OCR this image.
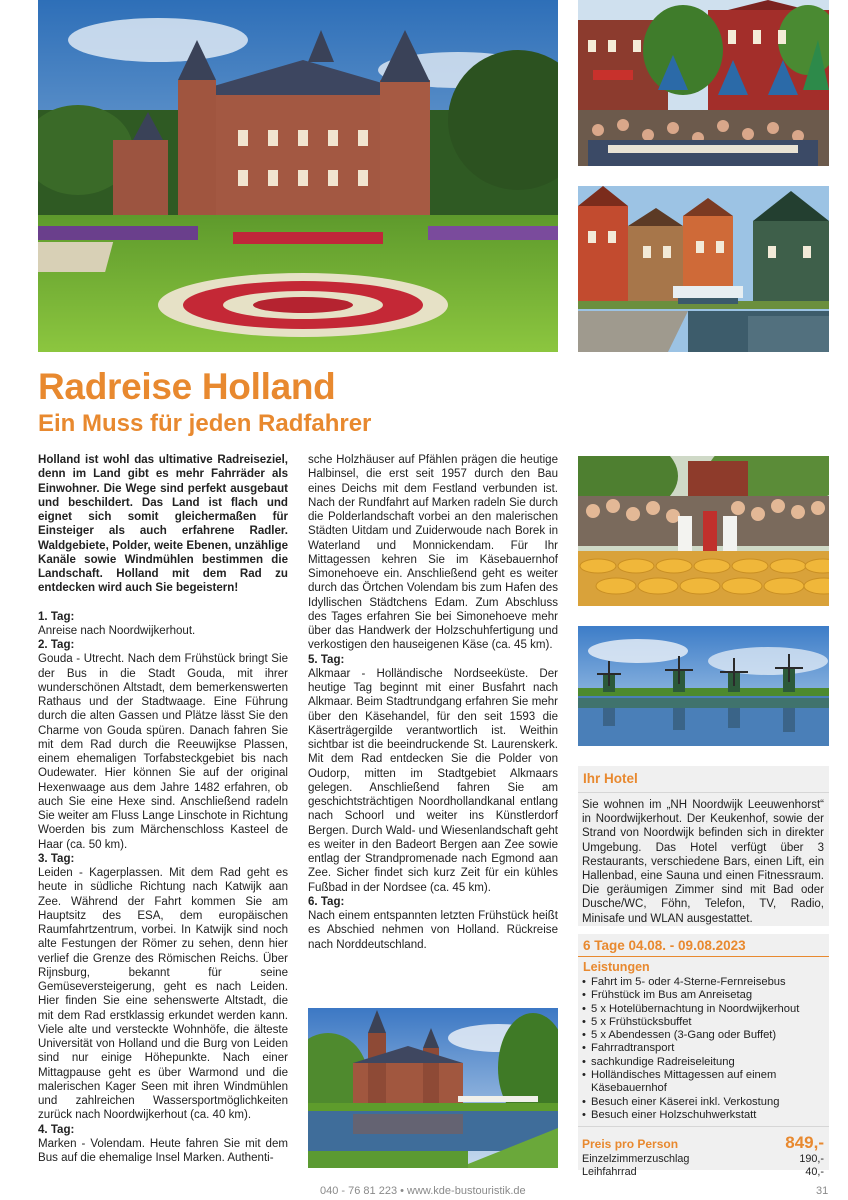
Radreise Holland
Ein Muss für jeden Radfahrer

Holland ist wohl das ultimative Radreiseziel, denn im Land gibt es mehr Fahrräder als Einwohner. Die Wege sind perfekt ausgebaut und beschildert. Das Land ist flach und eignet sich somit gleichermaßen für Einsteiger als auch erfahrene Radler. Waldgebiete, Polder, weite Ebenen, unzählige Kanäle sowie Windmühlen bestimmen die Landschaft. Holland mit dem Rad zu entdecken wird auch Sie begeistern!

1. Tag:

Anreise nach Noordwijkerhout.

2. Tag:

Gouda - Utrecht. Nach dem Frühstück bringt Sie der Bus in die Stadt Gouda, mit ihrer wunderschönen Altstadt, dem bemerkenswerten Rathaus und der Stadtwaage. Eine Führung durch die alten Gassen und Plätze lässt Sie den Charme von Gouda spüren. Danach fahren Sie mit dem Rad durch die Reeuwijkse Plassen, einem ehemaligen Torfabsteckgebiet bis nach Oudewater. Hier können Sie auf der original Hexenwaage aus dem Jahre 1482 erfahren, ob auch Sie eine Hexe sind. Anschließend radeln Sie weiter am Fluss Lange Linschote in Richtung Woerden bis zum Märchenschloss Kasteel de Haar (ca. 50 km).

3. Tag:

Leiden - Kagerplassen. Mit dem Rad geht es heute in südliche Richtung nach Katwijk aan Zee. Während der Fahrt kommen Sie am Hauptsitz des ESA, dem europäischen Raumfahrtzentrum, vorbei. In Katwijk sind noch alte Festungen der Römer zu sehen, denn hier verlief die Grenze des Römischen Reichs. Über Rijnsburg, bekannt für seine Gemüseversteigerung, geht es nach Leiden. Hier finden Sie eine sehenswerte Altstadt, die mit dem Rad erstklassig erkundet werden kann. Viele alte und versteckte Wohnhöfe, die älteste Universität von Holland und die Burg von Leiden sind nur einige Höhepunkte. Nach einer Mittagpause geht es über Warmond und die malerischen Kager Seen mit ihren Windmühlen und zahlreichen Wassersportmöglichkeiten zurück nach Noordwijkerhout (ca. 40 km).

4. Tag:

Marken - Volendam. Heute fahren Sie mit dem Bus auf die ehemalige Insel Marken. Authenti-

sche Holzhäuser auf Pfählen prägen die heutige Halbinsel, die erst seit 1957 durch den Bau eines Deichs mit dem Festland verbunden ist. Nach der Rundfahrt auf Marken radeln Sie durch die Polderlandschaft vorbei an den malerischen Städten Uitdam und Zuiderwoude nach Borek in Waterland und Monnickendam. Für Ihr Mittagessen kehren Sie im Käsebauernhof Simonehoeve ein. Anschließend geht es weiter durch das Örtchen Volendam bis zum Hafen des Idyllischen Städtchens Edam. Zum Abschluss des Tages erfahren Sie bei Simonehoeve mehr über das Handwerk der Holzschuhfertigung und verkostigen den hauseigenen Käse (ca. 45 km).

5. Tag:

Alkmaar - Holländische Nordseeküste. Der heutige Tag beginnt mit einer Busfahrt nach Alkmaar. Beim Stadtrundgang erfahren Sie mehr über den Käsehandel, für den seit 1593 die Käserträgergilde verantwortlich ist. Weithin sichtbar ist die beeindruckende St. Laurenskerk. Mit dem Rad entdecken Sie die Polder von Oudorp, mitten im Stadtgebiet Alkmaars gelegen. Anschließend fahren Sie am geschichtsträchtigen Noordhollandkanal entlang nach Schoorl und weiter ins Künstlerdorf Bergen. Durch Wald- und Wiesenlandschaft geht es weiter in den Badeort Bergen aan Zee sowie entlag der Strandpromenade nach Egmond aan Zee. Sicher findet sich kurz Zeit für ein kühles Fußbad in der Nordsee (ca. 45 km).

6. Tag:

Nach einem entspannten letzten Frühstück heißt es Abschied nehmen von Holland. Rückreise nach Norddeutschland.

Ihr Hotel

Sie wohnen im „NH Noordwijk Leeuwenhorst“ in Noordwijkerhout. Der Keukenhof, sowie der Strand von Noordwijk befinden sich in direkter Umgebung. Das Hotel verfügt über 3 Restaurants, verschiedene Bars, einen Lift, ein Hallenbad, eine Sauna und einen Fitnessraum. Die geräumigen Zimmer sind mit Bad oder Dusche/WC, Föhn, Telefon, TV, Radio, Minisafe und WLAN ausgestattet.

6 Tage 04.08. - 09.08.2023
Leistungen
• Fahrt im 5- oder 4-Sterne-Fernreisebus
• Frühstück im Bus am Anreisetag
• 5 x Hotelübernachtung in Noordwijkerhout
• 5 x Frühstücksbuffet
• 5 x Abendessen (3-Gang oder Buffet)
• Fahrradtransport
• sachkundige Radreiseleitung
• Holländisches Mittagessen auf einem Käsebauernhof
• Besuch einer Käserei inkl. Verkostung
• Besuch einer Holzschuhwerkstatt
Preis pro Person	849,-
Einzelzimmerzuschlag	190,-
Leihfahrrad	40,-
040 - 76 81 223 • www.kde-bustouristik.de	31
